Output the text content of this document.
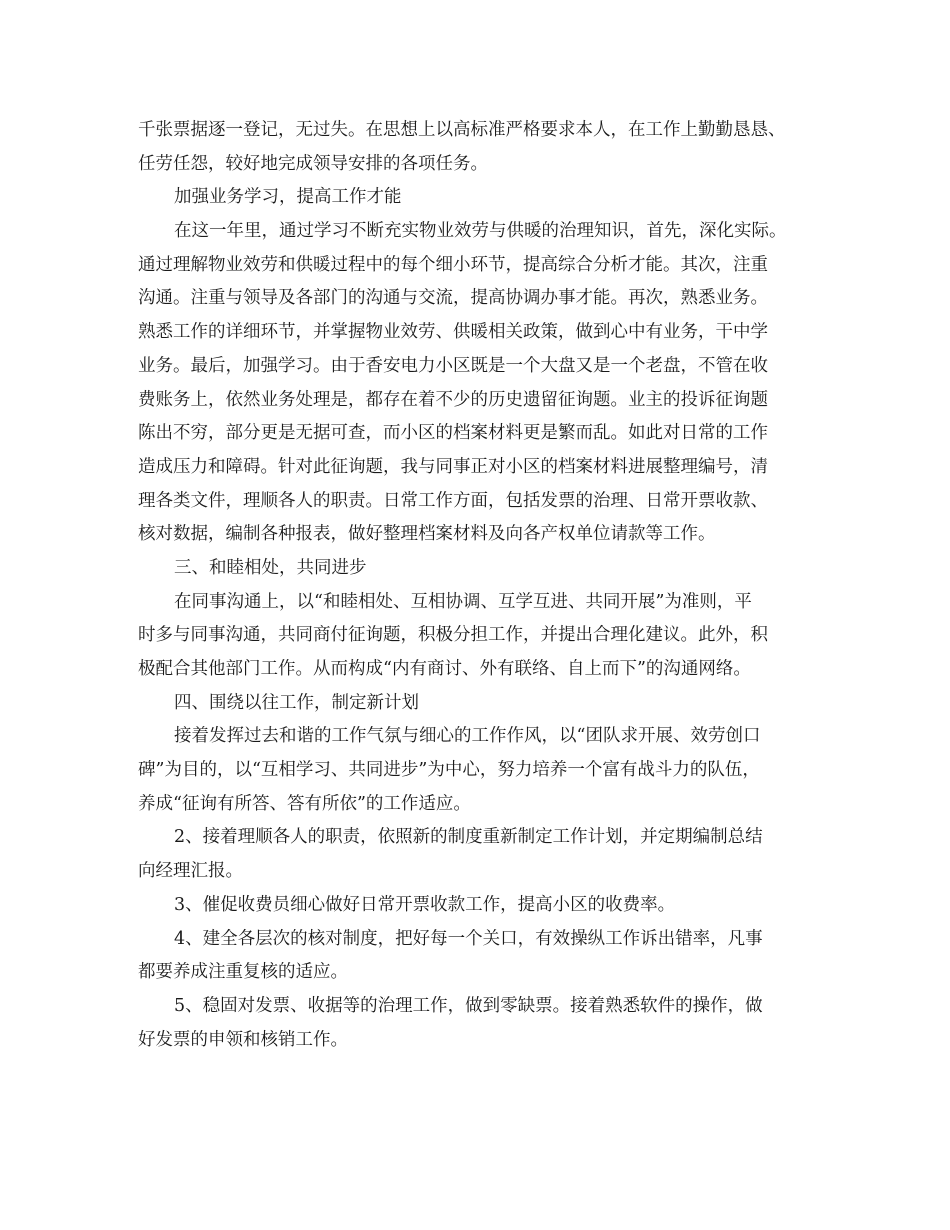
千张票据逐一登记，无过失。在思想上以高标准严格要求本人，在工作上勤勤恳恳、
任劳任怨，较好地完成领导安排的各项任务。
加强业务学习，提高工作才能
在这一年里，通过学习不断充实物业效劳与供暖的治理知识，首先，深化实际。
通过理解物业效劳和供暖过程中的每个细小环节，提高综合分析才能。其次，注重
沟通。注重与领导及各部门的沟通与交流，提高协调办事才能。再次，熟悉业务。
熟悉工作的详细环节，并掌握物业效劳、供暖相关政策，做到心中有业务，干中学
业务。最后，加强学习。由于香安电力小区既是一个大盘又是一个老盘，不管在收
费账务上，依然业务处理是，都存在着不少的历史遗留征询题。业主的投诉征询题
陈出不穷，部分更是无据可查，而小区的档案材料更是繁而乱。如此对日常的工作
造成压力和障碍。针对此征询题，我与同事正对小区的档案材料进展整理编号，清
理各类文件，理顺各人的职责。日常工作方面，包括发票的治理、日常开票收款、
核对数据，编制各种报表，做好整理档案材料及向各产权单位请款等工作。
三、和睦相处，共同进步
在同事沟通上，以“和睦相处、互相协调、互学互进、共同开展”为准则，平
时多与同事沟通，共同商付征询题，积极分担工作，并提出合理化建议。此外，积
极配合其他部门工作。从而构成“内有商讨、外有联络、自上而下”的沟通网络。
四、围绕以往工作，制定新计划
接着发挥过去和谐的工作气氛与细心的工作作风，以“团队求开展、效劳创口
碑”为目的，以“互相学习、共同进步”为中心，努力培养一个富有战斗力的队伍，
养成“征询有所答、答有所依”的工作适应。
2、接着理顺各人的职责，依照新的制度重新制定工作计划，并定期编制总结
向经理汇报。
3、催促收费员细心做好日常开票收款工作，提高小区的收费率。
4、建全各层次的核对制度，把好每一个关口，有效操纵工作诉出错率，凡事
都要养成注重复核的适应。
5、稳固对发票、收据等的治理工作，做到零缺票。接着熟悉软件的操作，做
好发票的申领和核销工作。
